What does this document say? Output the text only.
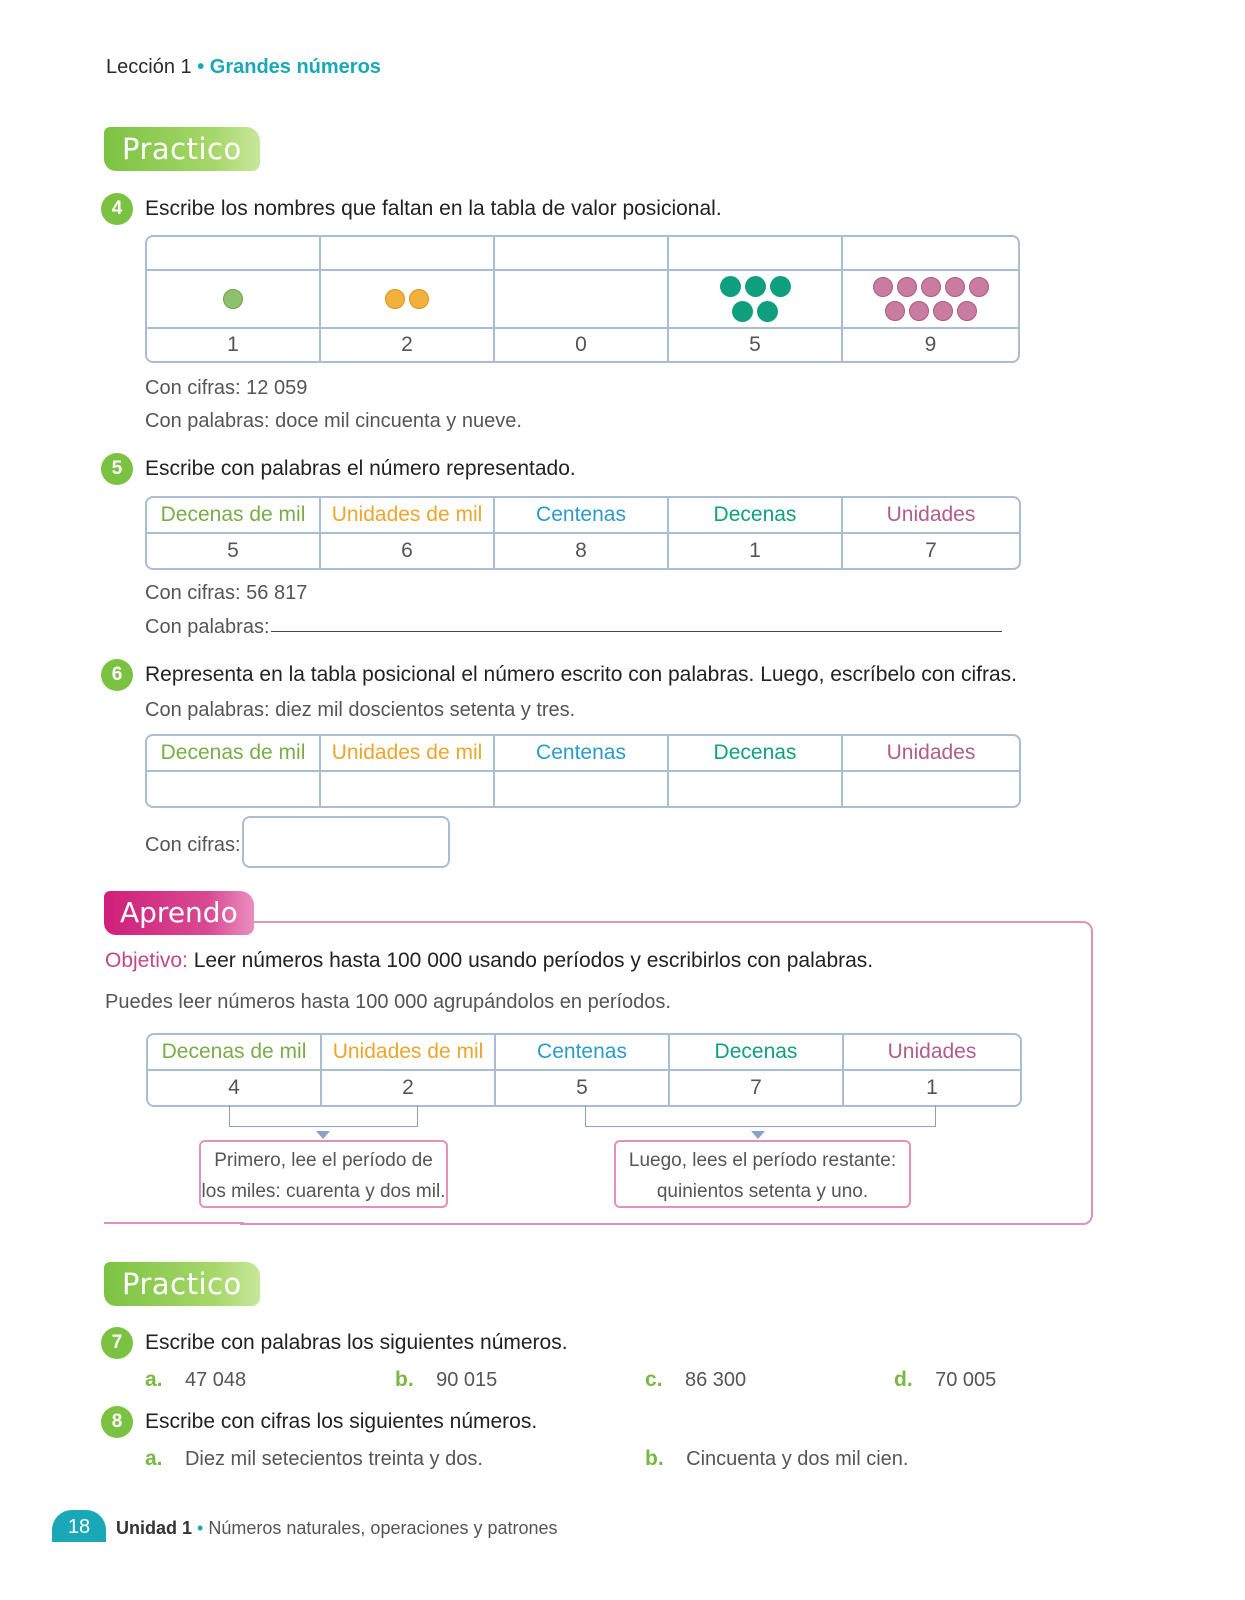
Lección 1 • Grandes números
Practico
4	Escribe los nombres que faltan en la tabla de valor posicional.

1	2	0	5	9
Con cifras: 12 059
Con palabras: doce mil cincuenta y nueve.
5	Escribe con palabras el número representado.
Decenas de mil	Unidades de mil	Centenas	Decenas	Unidades
5	6	8	1	7
Con cifras: 56 817
Con palabras:
6	Representa en la tabla posicional el número escrito con palabras. Luego, escríbelo con cifras.
Con palabras: diez mil doscientos setenta y tres.
Decenas de mil	Unidades de mil	Centenas	Decenas	Unidades

Con cifras:
Aprendo
Objetivo: Leer números hasta 100 000 usando períodos y escribirlos con palabras.
Puedes leer números hasta 100 000 agrupándolos en períodos.
Decenas de mil	Unidades de mil	Centenas	Decenas	Unidades
4	2	5	7	1
Primero, lee el período de
los miles: cuarenta y dos mil.
Luego, lees el período restante:
quinientos setenta y uno.
Practico
7	Escribe con palabras los siguientes números.
a. 47 048	b. 90 015	c. 86 300	d. 70 005
8	Escribe con cifras los siguientes números.
a. Diez mil setecientos treinta y dos.	b. Cincuenta y dos mil cien.
18	Unidad 1 • Números naturales, operaciones y patrones
